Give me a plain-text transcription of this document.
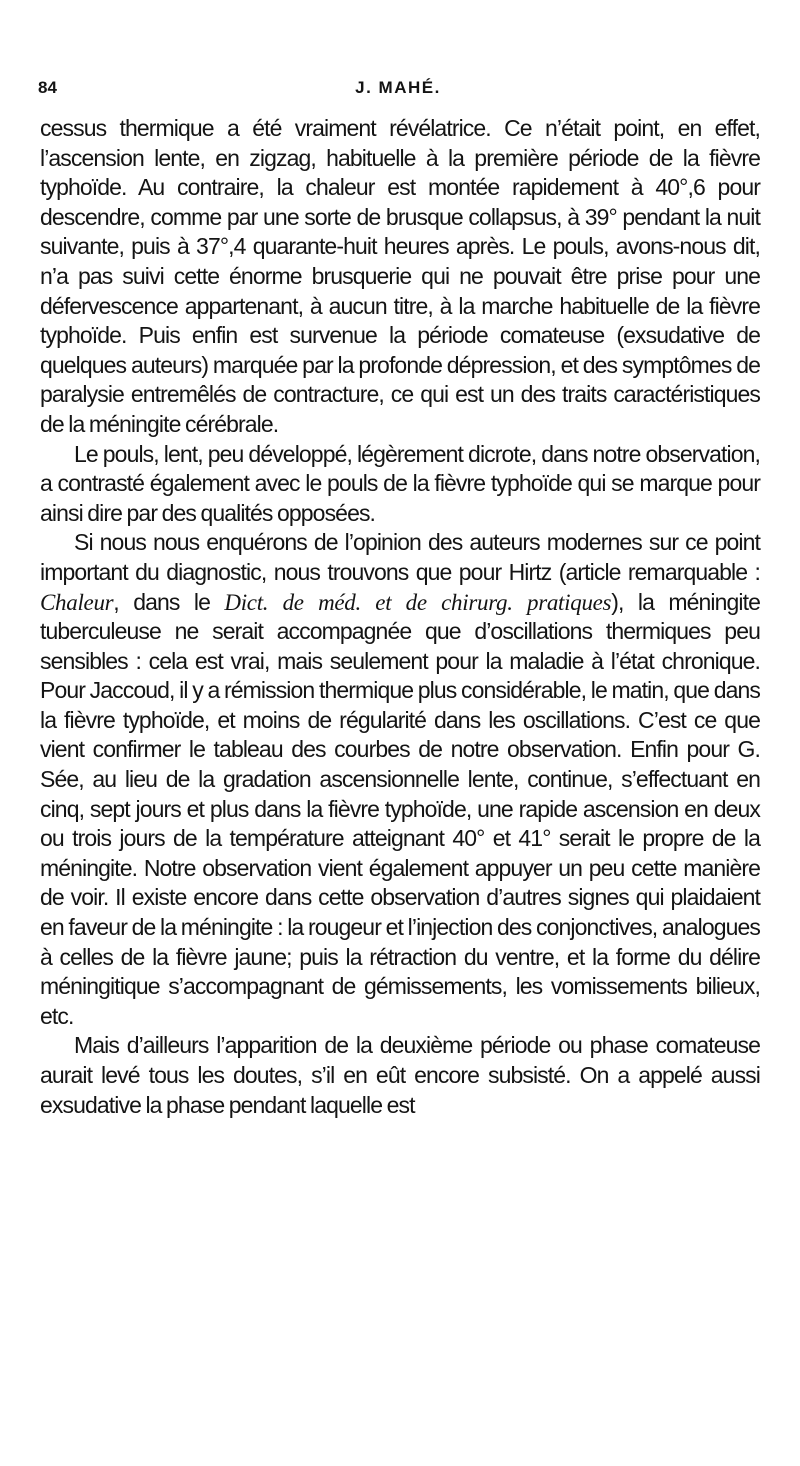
84	J. MAHÉ.

cessus thermique a été vraiment révélatrice. Ce n’était point, en effet, l’ascension lente, en zigzag, habituelle à la première période de la fièvre typhoïde. Au contraire, la chaleur est montée rapidement à 40°,6 pour descendre, comme par une sorte de brusque collapsus, à 39° pendant la nuit suivante, puis à 37°,4 quarante-huit heures après. Le pouls, avons-nous dit, n’a pas suivi cette énorme brusquerie qui ne pouvait être prise pour une défervescence appartenant, à aucun titre, à la marche habituelle de la fièvre typhoïde. Puis enfin est survenue la période comateuse (exsudative de quelques auteurs) marquée par la profonde dépression, et des symptômes de paralysie entremêlés de contracture, ce qui est un des traits caractéristiques de la méningite cérébrale.

Le pouls, lent, peu développé, légèrement dicrote, dans notre observation, a contrasté également avec le pouls de la fièvre typhoïde qui se marque pour ainsi dire par des qualités opposées.

Si nous nous enquérons de l’opinion des auteurs modernes sur ce point important du diagnostic, nous trouvons que pour Hirtz (article remarquable : Chaleur, dans le Dict. de méd. et de chirurg. pratiques), la méningite tuberculeuse ne serait accompagnée que d’oscillations thermiques peu sensibles : cela est vrai, mais seulement pour la maladie à l’état chronique. Pour Jaccoud, il y a rémission thermique plus considérable, le matin, que dans la fièvre typhoïde, et moins de régularité dans les oscillations. C’est ce que vient confirmer le tableau des courbes de notre observation. Enfin pour G. Sée, au lieu de la gradation ascensionnelle lente, continue, s’effectuant en cinq, sept jours et plus dans la fièvre typhoïde, une rapide ascension en deux ou trois jours de la température atteignant 40° et 41° serait le propre de la méningite. Notre observation vient également appuyer un peu cette manière de voir. Il existe encore dans cette observation d’autres signes qui plaidaient en faveur de la méningite : la rougeur et l’injection des conjonctives, analogues à celles de la fièvre jaune; puis la rétraction du ventre, et la forme du délire méningitique s’accompagnant de gémissements, les vomissements bilieux, etc.

Mais d’ailleurs l’apparition de la deuxième période ou phase comateuse aurait levé tous les doutes, s’il en eût encore subsisté. On a appelé aussi exsudative la phase pendant laquelle est
